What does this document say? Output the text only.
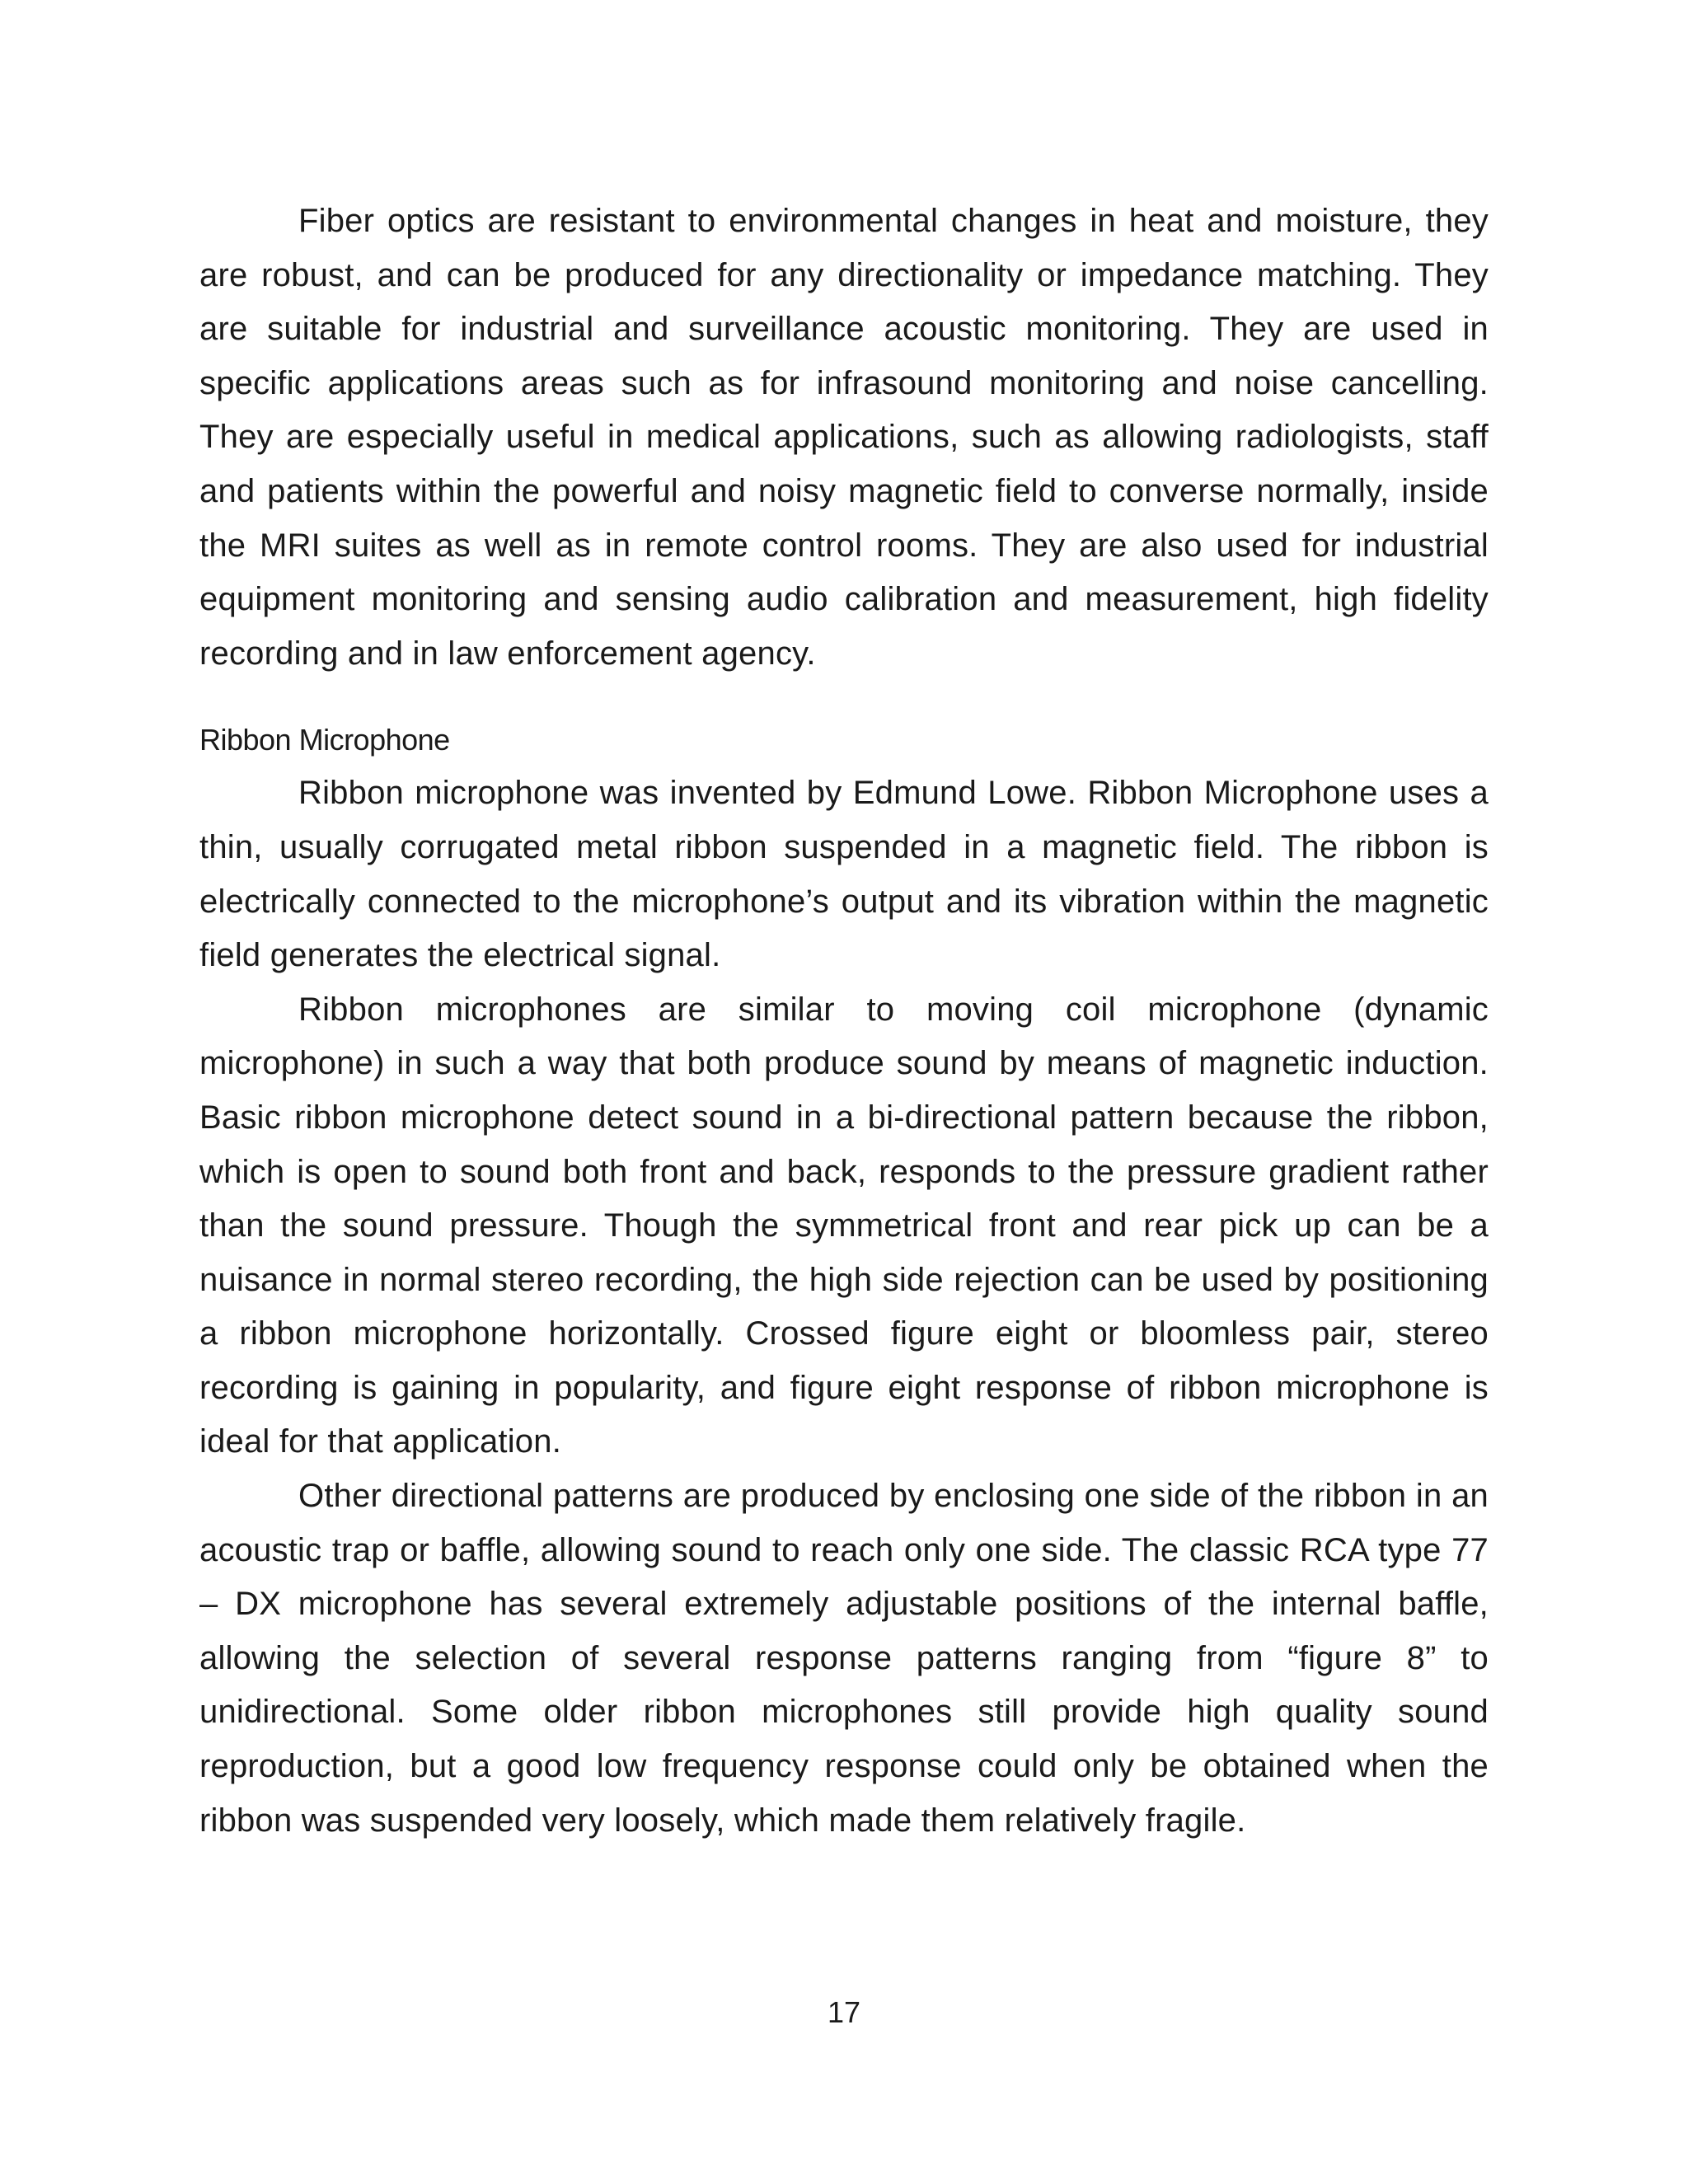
Fiber optics are resistant to environmental changes in heat and moisture, they are robust, and can be produced for any directionality or impedance matching. They are suitable for industrial and surveillance acoustic monitoring. They are used in specific applications areas such as for infrasound monitoring and noise cancelling. They are especially useful in medical applications, such as allowing radiologists, staff and patients within the powerful and noisy magnetic field to converse normally, inside the MRI suites as well as in remote control rooms. They are also used for industrial equipment monitoring and sensing audio calibration and measurement, high fidelity recording and in law enforcement agency.

Ribbon Microphone

Ribbon microphone was invented by Edmund Lowe. Ribbon Microphone uses a thin, usually corrugated metal ribbon suspended in a magnetic field. The ribbon is electrically connected to the microphone’s output and its vibration within the magnetic field generates the electrical signal.

Ribbon microphones are similar to moving coil microphone (dynamic microphone) in such a way that both produce sound by means of magnetic induction. Basic ribbon microphone detect sound in a bi-directional pattern because the ribbon, which is open to sound both front and back, responds to the pressure gradient rather than the sound pressure. Though the symmetrical front and rear pick up can be a nuisance in normal stereo recording, the high side rejection can be used by positioning a ribbon microphone horizontally. Crossed figure eight or bloomless pair, stereo recording is gaining in popularity, and figure eight response of ribbon microphone is ideal for that application.

Other directional patterns are produced by enclosing one side of the ribbon in an acoustic trap or baffle, allowing sound to reach only one side. The classic RCA type 77 – DX microphone has several extremely adjustable positions of the internal baffle, allowing the selection of several response patterns ranging from “figure 8” to unidirectional. Some older ribbon microphones still provide high quality sound reproduction, but a good low frequency response could only be obtained when the ribbon was suspended very loosely, which made them relatively fragile.

17
